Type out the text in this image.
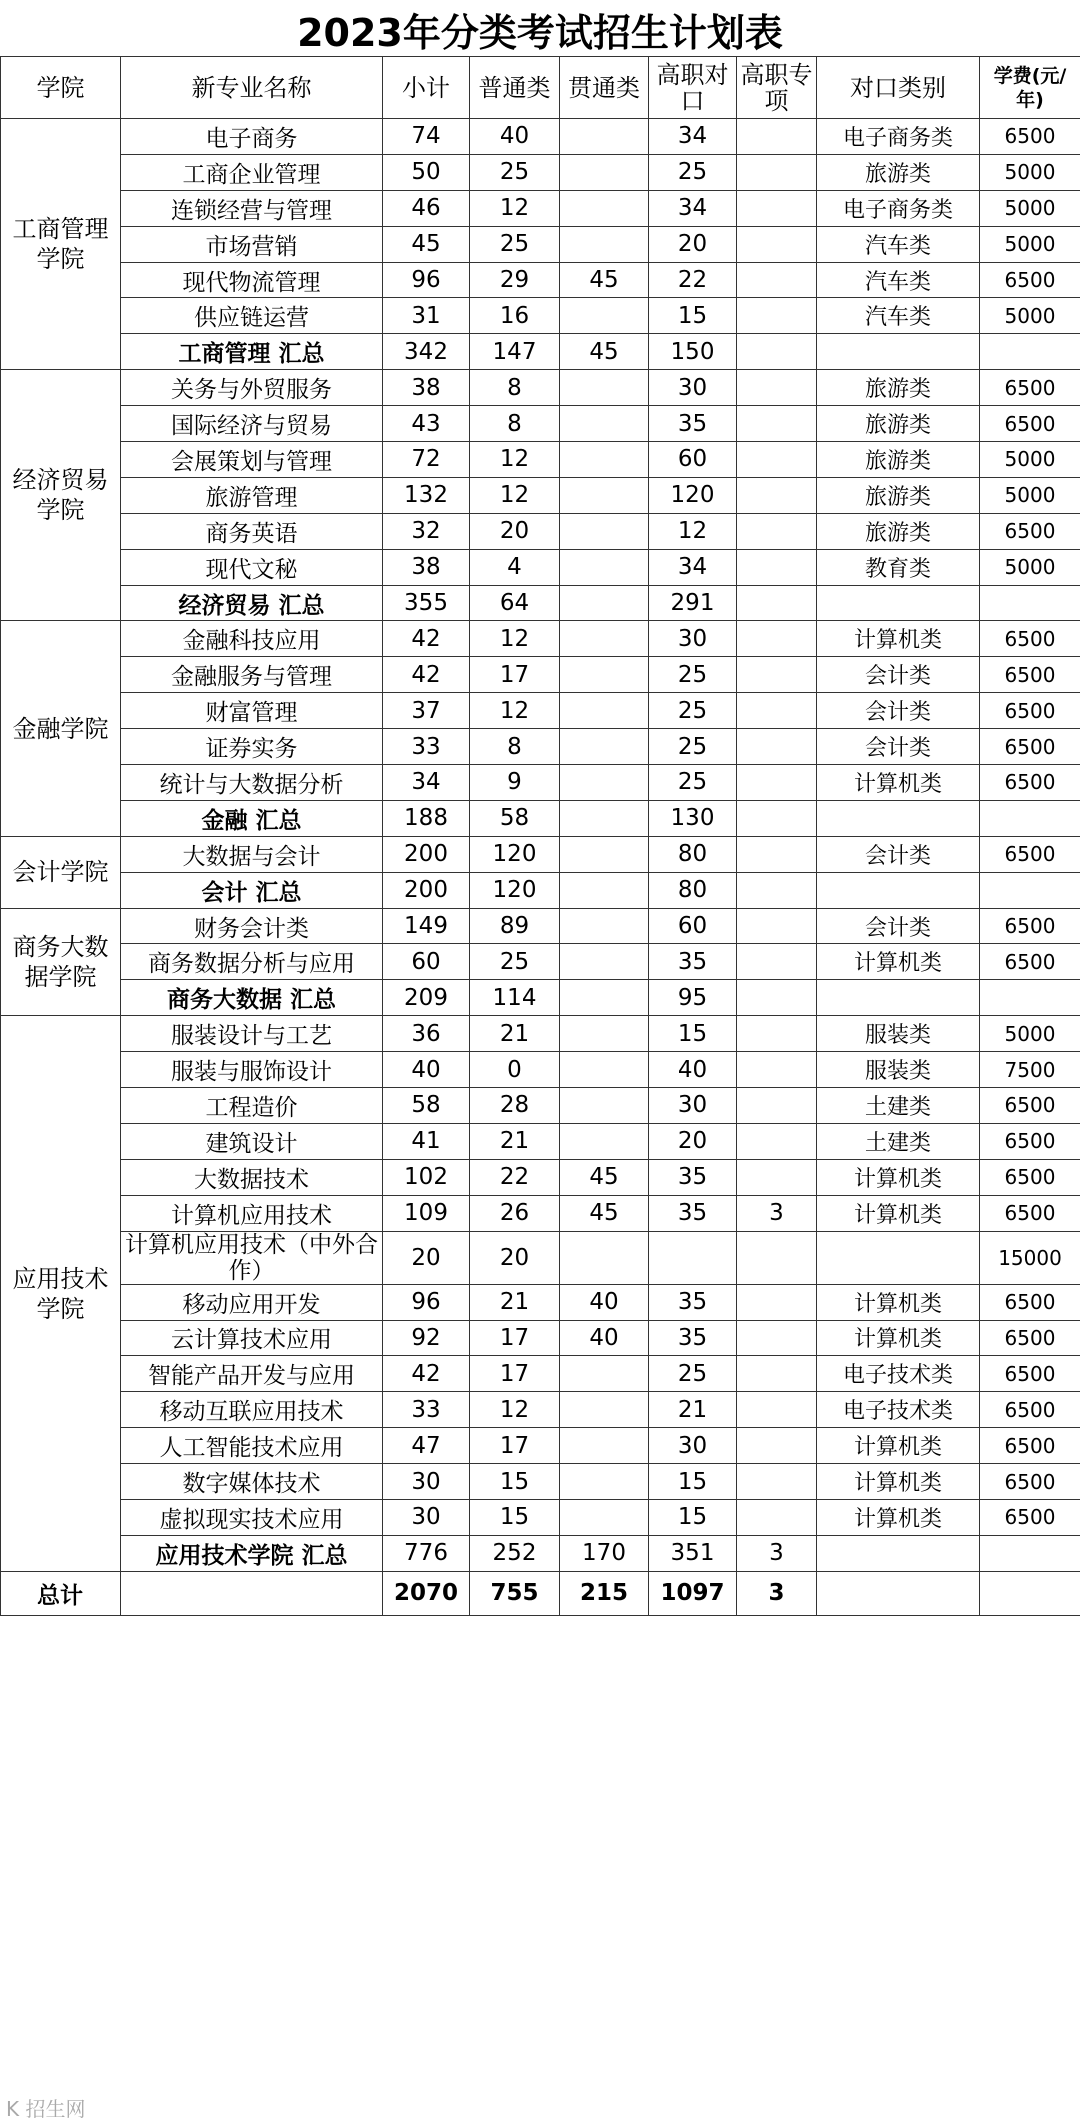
2023年分类考试招生计划表
学院	新专业名称	小计	普通类	贯通类	高职对口	高职专项	对口类别	学费(元/年)
工商管理学院	电子商务	74	40		34		电子商务类	6500
	工商企业管理	50	25		25		旅游类	5000
	连锁经营与管理	46	12		34		电子商务类	5000
	市场营销	45	25		20		汽车类	5000
	现代物流管理	96	29	45	22		汽车类	6500
	供应链运营	31	16		15		汽车类	5000
	工商管理 汇总	342	147	45	150			
经济贸易学院	关务与外贸服务	38	8		30		旅游类	6500
	国际经济与贸易	43	8		35		旅游类	6500
	会展策划与管理	72	12		60		旅游类	5000
	旅游管理	132	12		120		旅游类	5000
	商务英语	32	20		12		旅游类	6500
	现代文秘	38	4		34		教育类	5000
	经济贸易 汇总	355	64		291			
金融学院	金融科技应用	42	12		30		计算机类	6500
	金融服务与管理	42	17		25		会计类	6500
	财富管理	37	12		25		会计类	6500
	证券实务	33	8		25		会计类	6500
	统计与大数据分析	34	9		25		计算机类	6500
	金融 汇总	188	58		130			
会计学院	大数据与会计	200	120		80		会计类	6500
	会计 汇总	200	120		80			
商务大数据学院	财务会计类	149	89		60		会计类	6500
	商务数据分析与应用	60	25		35		计算机类	6500
	商务大数据 汇总	209	114		95			
应用技术学院	服装设计与工艺	36	21		15		服装类	5000
	服装与服饰设计	40	0		40		服装类	7500
	工程造价	58	28		30		土建类	6500
	建筑设计	41	21		20		土建类	6500
	大数据技术	102	22	45	35		计算机类	6500
	计算机应用技术	109	26	45	35	3	计算机类	6500
	计算机应用技术（中外合作）	20	20					15000
	移动应用开发	96	21	40	35		计算机类	6500
	云计算技术应用	92	17	40	35		计算机类	6500
	智能产品开发与应用	42	17		25		电子技术类	6500
	移动互联应用技术	33	12		21		电子技术类	6500
	人工智能技术应用	47	17		30		计算机类	6500
	数字媒体技术	30	15		15		计算机类	6500
	虚拟现实技术应用	30	15		15		计算机类	6500
	应用技术学院 汇总	776	252	170	351	3		
总计		2070	755	215	1097	3		
K 招生网
